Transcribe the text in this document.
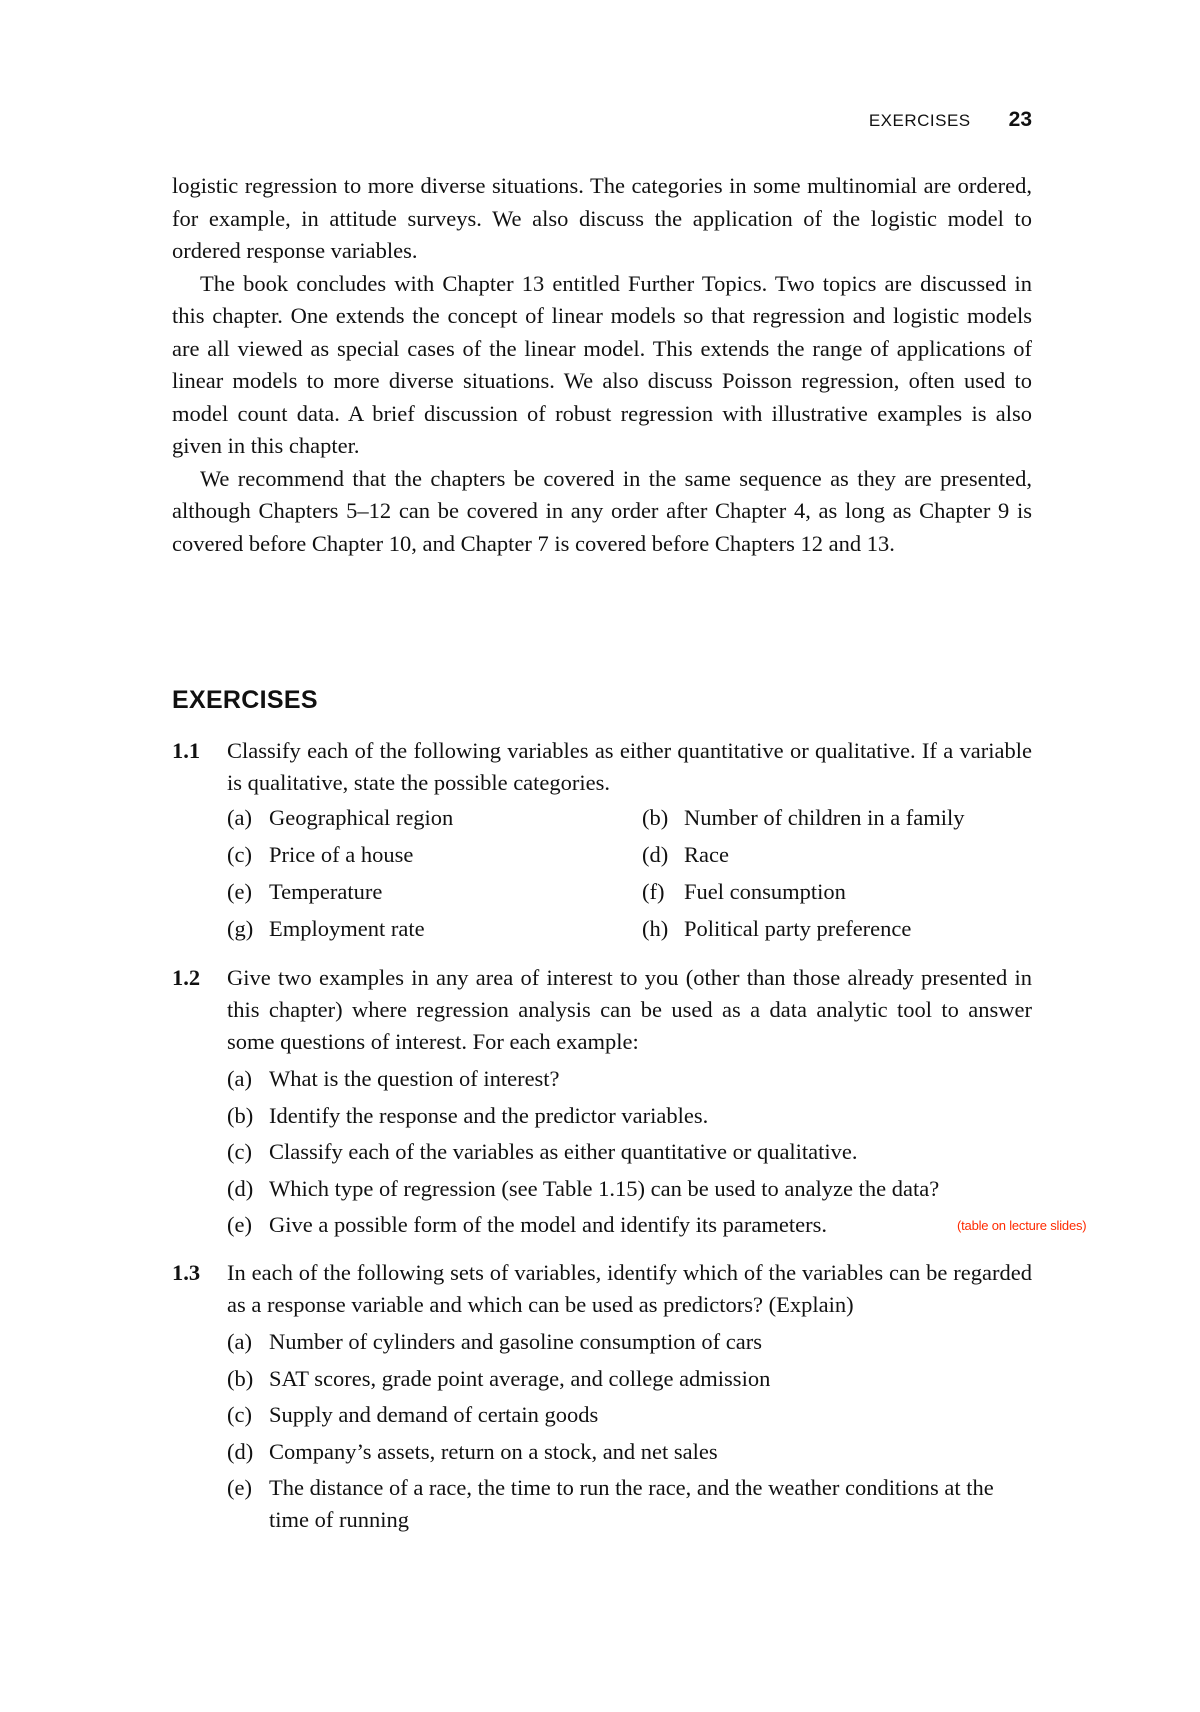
EXERCISES 23

logistic regression to more diverse situations. The categories in some multinomial are ordered, for example, in attitude surveys. We also discuss the application of the logistic model to ordered response variables.

The book concludes with Chapter 13 entitled Further Topics. Two topics are discussed in this chapter. One extends the concept of linear models so that regression and logistic models are all viewed as special cases of the linear model. This extends the range of applications of linear models to more diverse situations. We also discuss Poisson regression, often used to model count data. A brief discussion of robust regression with illustrative examples is also given in this chapter.

We recommend that the chapters be covered in the same sequence as they are presented, although Chapters 5–12 can be covered in any order after Chapter 4, as long as Chapter 9 is covered before Chapter 10, and Chapter 7 is covered before Chapters 12 and 13.

EXERCISES
1.1 Classify each of the following variables as either quantitative or qualitative. If a variable is qualitative, state the possible categories.
(a) Geographical region	(b) Number of children in a family
(c) Price of a house	(d) Race
(e) Temperature	(f) Fuel consumption
(g) Employment rate	(h) Political party preference
1.2 Give two examples in any area of interest to you (other than those already presented in this chapter) where regression analysis can be used as a data analytic tool to answer some questions of interest. For each example:
(a) What is the question of interest?
(b) Identify the response and the predictor variables.
(c) Classify each of the variables as either quantitative or qualitative.
(d) Which type of regression (see Table 1.15) can be used to analyze the data?
(e) Give a possible form of the model and identify its parameters.	(table on lecture slides)
1.3 In each of the following sets of variables, identify which of the variables can be regarded as a response variable and which can be used as predictors? (Explain)
(a) Number of cylinders and gasoline consumption of cars
(b) SAT scores, grade point average, and college admission
(c) Supply and demand of certain goods
(d) Company’s assets, return on a stock, and net sales
(e) The distance of a race, the time to run the race, and the weather conditions at the time of running
